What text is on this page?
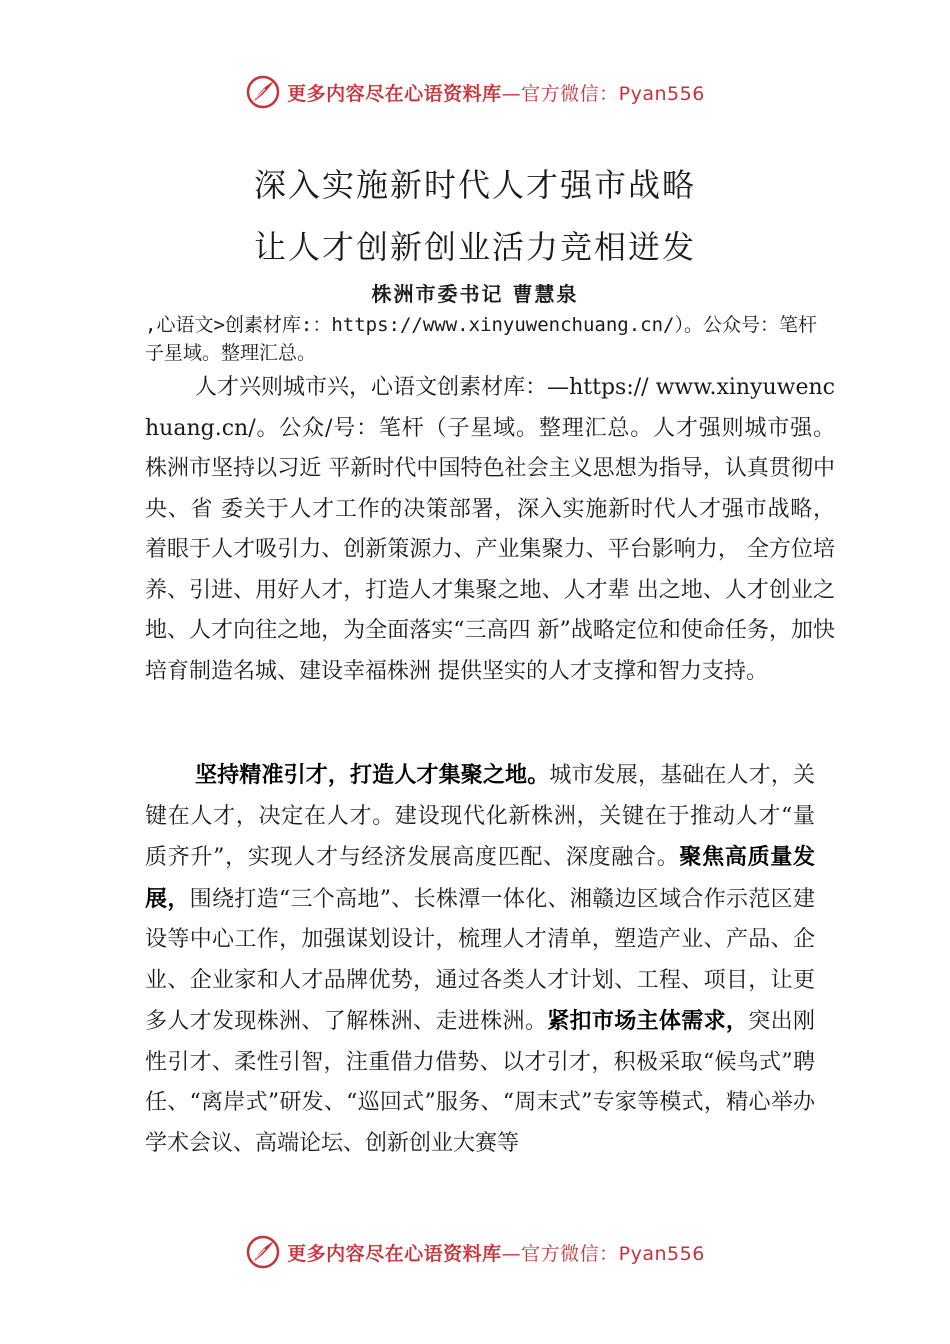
更多内容尽在心语资料库—官方微信：Pyan556
深入实施新时代人才强市战略
让人才创新创业活力竞相迸发
株洲市委书记 曹慧泉
,心语文>创素材库:：https://www.xinyuwenchuang.cn/）。公众号：笔杆子星域。整理汇总。
人才兴则城市兴，心语文创素材库：—https:// www.xinyuwenchuang.cn/。公众/号：笔杆（子星域。整理汇总。人才强则城市强。株洲市坚持以习近 平新时代中国特色社会主义思想为指导，认真贯彻中央、省 委关于人才工作的决策部署，深入实施新时代人才强市战略， 着眼于人才吸引力、创新策源力、产业集聚力、平台影响力， 全方位培养、引进、用好人才，打造人才集聚之地、人才辈 出之地、人才创业之地、人才向往之地，为全面落实“三高四 新”战略定位和使命任务，加快培育制造名城、建设幸福株洲 提供坚实的人才支撑和智力支持。
坚持精准引才，打造人才集聚之地。城市发展，基础在人才，关键在人才，决定在人才。建设现代化新株洲，关键在于推动人才“量质齐升”，实现人才与经济发展高度匹配、深度融合。聚焦高质量发展，围绕打造“三个高地”、长株潭一体化、湘赣边区域合作示范区建设等中心工作，加强谋划设计，梳理人才清单，塑造产业、产品、企业、企业家和人才品牌优势，通过各类人才计划、工程、项目，让更多人才发现株洲、了解株洲、走进株洲。紧扣市场主体需求，突出刚性引才、柔性引智，注重借力借势、以才引才，积极采取“候鸟式”聘任、“离岸式”研发、“巡回式”服务、“周末式”专家等模式，精心举办学术会议、高端论坛、创新创业大赛等
更多内容尽在心语资料库—官方微信：Pyan556
